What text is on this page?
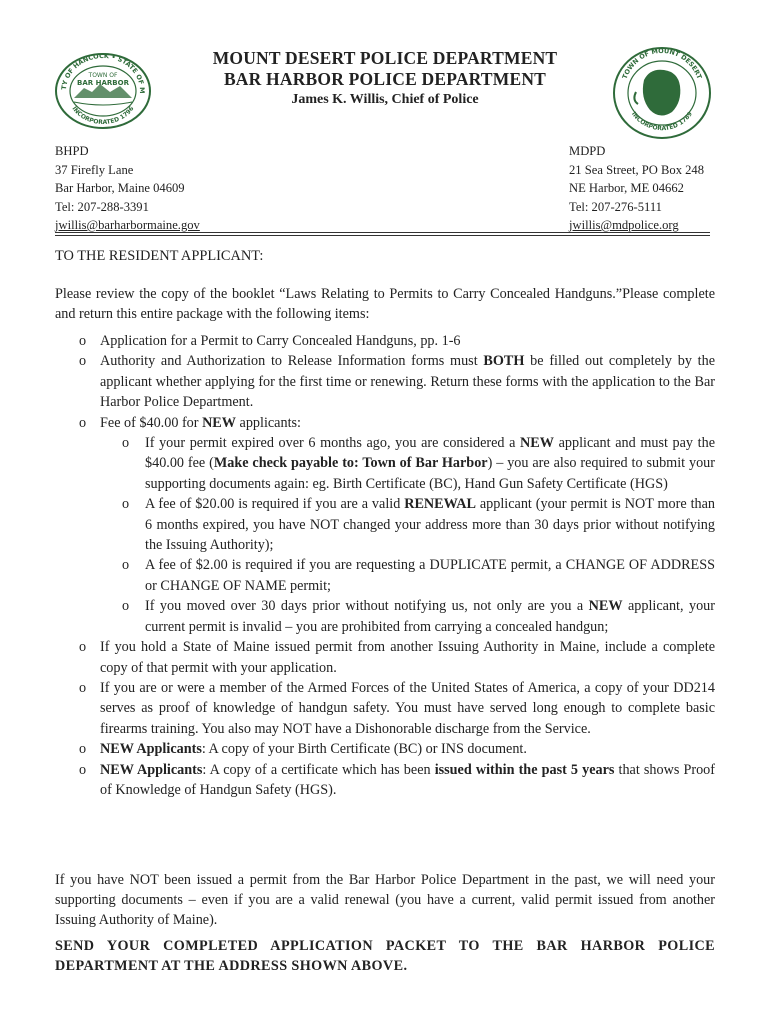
TY OF HANCOCK • STATE OF M
INCORPORATED 1796
TOWN OF
BAR HARBOR
MOUNT DESERT POLICE DEPARTMENT
BAR HARBOR POLICE DEPARTMENT
James K. Willis, Chief of Police
TOWN OF MOUNT DESERT
INCORPORATED 1789
BHPD
37 Firefly Lane
Bar Harbor, Maine 04609
Tel: 207-288-3391
jwillis@barharbormaine.gov
MDPD
21 Sea Street, PO Box 248
NE Harbor, ME 04662
Tel: 207-276-5111
jwillis@mdpolice.org
TO THE RESIDENT APPLICANT:
Please review the copy of the booklet “Laws Relating to Permits to Carry Concealed Handguns.”Please complete and return this entire package with the following items:
o Application for a Permit to Carry Concealed Handguns, pp. 1-6
o Authority and Authorization to Release Information forms must BOTH be filled out completely by the applicant whether applying for the first time or renewing. Return these forms with the application to the Bar Harbor Police Department.
o Fee of $40.00 for NEW applicants:
o If your permit expired over 6 months ago, you are considered a NEW applicant and must pay the $40.00 fee (Make check payable to: Town of Bar Harbor) – you are also required to submit your supporting documents again: eg. Birth Certificate (BC), Hand Gun Safety Certificate (HGS)
o A fee of $20.00 is required if you are a valid RENEWAL applicant (your permit is NOT more than 6 months expired, you have NOT changed your address more than 30 days prior without notifying the Issuing Authority);
o A fee of $2.00 is required if you are requesting a DUPLICATE permit, a CHANGE OF ADDRESS or CHANGE OF NAME permit;
o If you moved over 30 days prior without notifying us, not only are you a NEW applicant, your current permit is invalid – you are prohibited from carrying a concealed handgun;
o If you hold a State of Maine issued permit from another Issuing Authority in Maine, include a complete copy of that permit with your application.
o If you are or were a member of the Armed Forces of the United States of America, a copy of your DD214 serves as proof of knowledge of handgun safety. You must have served long enough to complete basic firearms training. You also may NOT have a Dishonorable discharge from the Service.
o NEW Applicants: A copy of your Birth Certificate (BC) or INS document.
o NEW Applicants: A copy of a certificate which has been issued within the past 5 years that shows Proof of Knowledge of Handgun Safety (HGS).
If you have NOT been issued a permit from the Bar Harbor Police Department in the past, we will need your supporting documents – even if you are a valid renewal (you have a current, valid permit issued from another Issuing Authority of Maine).
SEND YOUR COMPLETED APPLICATION PACKET TO THE BAR HARBOR POLICE DEPARTMENT AT THE ADDRESS SHOWN ABOVE.
